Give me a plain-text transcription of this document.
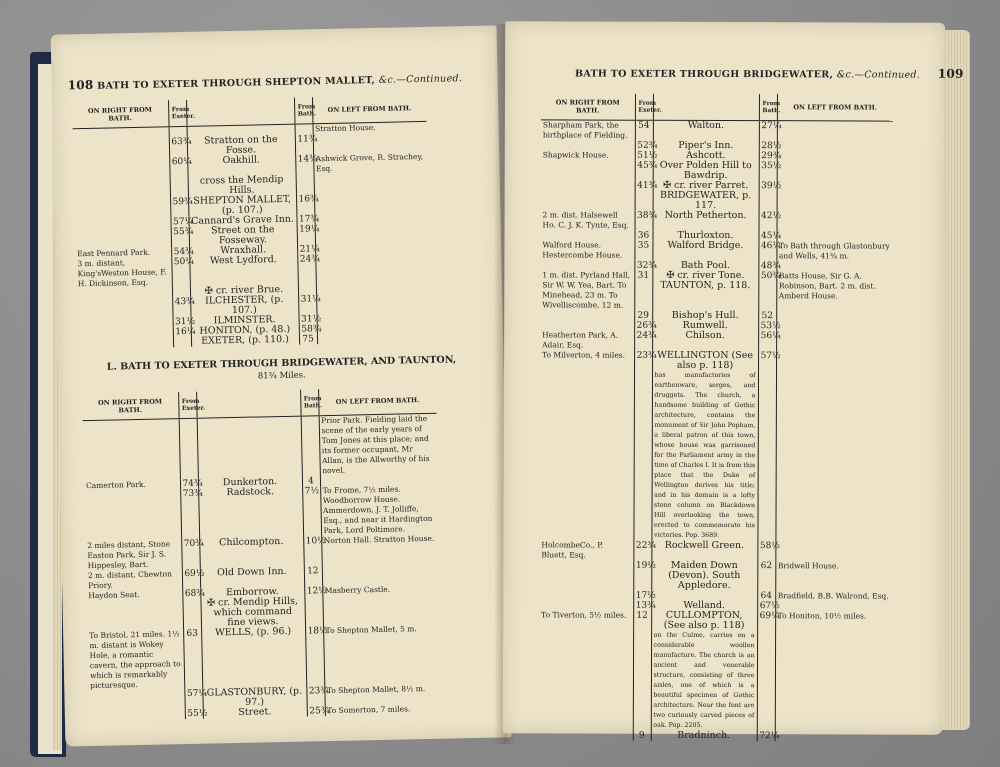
108 BATH TO EXETER THROUGH SHEPTON MALLET, &c.—Continued.
ON RIGHT FROM BATH.	From Exeter.		From Bath.	ON LEFT FROM BATH.
				Stratton House.
	63¾	Stratton on the Fosse.	11¾	
	60¼	Oakhill.	14¾	Ashwick Grove, R. Strachey, Esq.
		cross the Mendip Hills.		
	59¾	SHEPTON MALLET, (p. 107.)	16¾	
	57¼	Cannard's Grave Inn.	17¾	
	55¾	Street on the Fosseway.	19¼	
East Pennard Park.	54¾	Wraxhall.	21¼	
3 m. distant, King'sWeston House, F. H. Dickinson, Esq.	50¼	West Lydford.	24¾	
		✠ cr. river Brue.		
	43¾	ILCHESTER, (p. 107.)	31¼	
	31½	ILMINSTER.	31½	
	16¼	HONITON, (p. 48.)	58¾	
		EXETER, (p. 110.)	75	
L. BATH TO EXETER THROUGH BRIDGEWATER, AND TAUNTON,
81¾ Miles.
ON RIGHT FROM BATH.	From Exeter.		From Bath.	ON LEFT FROM BATH.
				Prior Park. Fielding laid the scene of the early years of Tom Jones at this place; and its former occupant, Mr Allan, is the Allworthy of his novel.
Camerton Park.	74¾	Dunkerton.	4	
	73¾	Radstock.	7½	To Frome, 7½ miles. Woodborrow House. Ammerdown, J. T. Jolliffe, Esq., and near it Hardington Park, Lord Poltimore.
2 miles distant, Stone Easton Park, Sir J. S. Hippesley, Bart.	70¾	Chilcompton.	10½	Norton Hall. Stratton House.
2 m. distant, Chewton Priory.	69½	Old Down Inn.	12	
Haydon Seat.	68¾	Emborrow.	12½	Masberry Castle.
		✠ cr. Mendip Hills, which command fine views.		
To Bristol, 21 miles. 1½ m. distant is Wokey Hole, a romantic cavern, the approach to which is remarkably picturesque.	63	WELLS, (p. 96.)	18½	To Shepton Mallet, 5 m.
	57¼	GLASTONBURY, (p. 97.)	23¾	To Shepton Mallet, 8½ m.
	55½	Street.	25¾	To Somerton, 7 miles.
BATH TO EXETER THROUGH BRIDGEWATER, &c.—Continued. 109
ON RIGHT FROM BATH.	From Exeter.		From Bath.	ON LEFT FROM BATH.
Sharpham Park, the birthplace of Fielding.	54	Walton.	27¼	
	52¾	Piper's Inn.	28½	
Shapwick House.	51½	Ashcott.	29¾	
	45¾	Over Polden Hill to Bawdrip.	35½	
	41¾	✠ cr. river Parret. BRIDGEWATER, p. 117.	39½	
2 m. dist. Halsewell Ho. C. J. K. Tynte, Esq.	38¾	North Petherton.	42½	
	36	Thurloxton.	45¼	
Walford House. Hestercombe House.	35	Walford Bridge.	46¼	To Bath through Glastonbury and Wells, 41¾ m.
	32¾	Bath Pool.	48¾	
1 m. dist. Pyrland Hall, Sir W. W. Yea, Bart. To Minehead, 23 m. To Wivelliscombe, 12 m.	31	✠ cr. river Tone. TAUNTON, p. 118.	50¾	Batts House, Sir G. A. Robinson, Bart. 2 m. dist. Amberd House.
	29	Bishop's Hull.	52	
	26¾	Rumwell.	53½	
Heatherton Park, A. Adair, Esq.	24¾	Chilson.	56¼	
To Milverton, 4 miles.	23¾	WELLINGTON (See also p. 118)	57½	
		has manufactories of earthenware, serges, and druggets. The church, a handsome building of Gothic architecture, contains the monument of Sir John Popham, a liberal patron of this town, whose house was garrisoned for the Parliament army in the time of Charles I. It is from this place that the Duke of Wellington derives his title; and in his domain is a lofty stone column on Blackdown Hill overlooking the town, erected to commemorate his victories. Pop. 3689.		
HolcombeCo., P. Bluett, Esq.	22¾	Rockwell Green.	58½	
	19½	Maiden Down (Devon). South Appledore.	62	Bridwell House.
	17½		64	Bradfield, B.B. Walrond, Esq.
	13¾	Welland.	67½	
To Tiverton, 5½ miles.	12	CULLOMPTON, (See also p. 118)	69¼	To Honiton, 10½ miles.
		on the Culme, carries on a considerable woollen manufacture. The church is an ancient and venerable structure, consisting of three aisles, one of which is a beautiful specimen of Gothic architecture. Near the font are two curiously carved pieces of oak. Pop. 2205.		
	9	Bradninch.	72¼	
